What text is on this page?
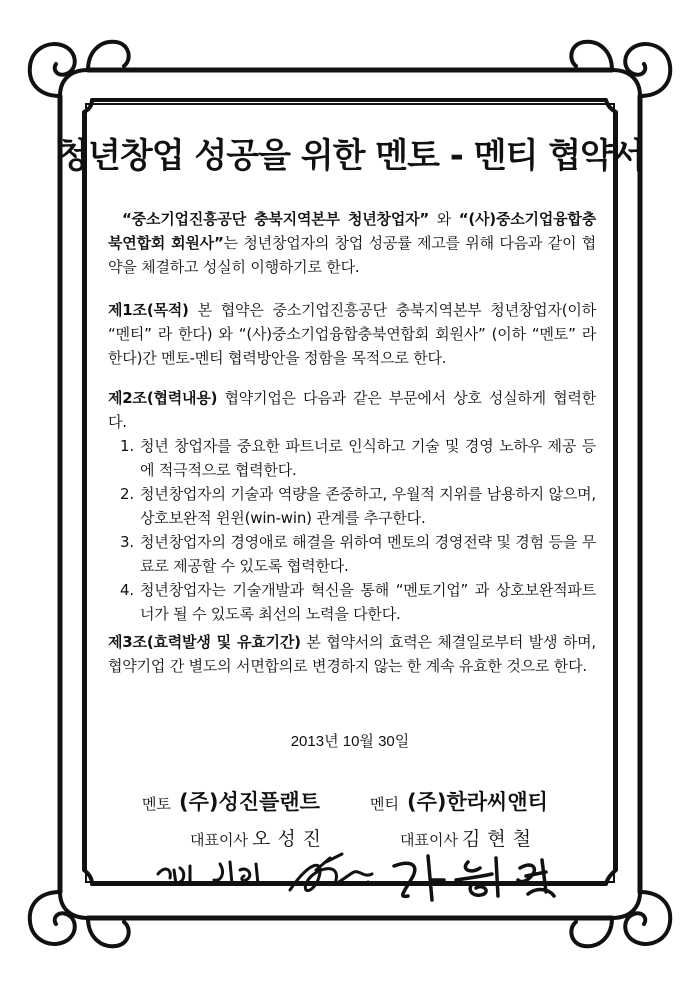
청년창업 성공을 위한 멘토 - 멘티 협약서

“중소기업진흥공단 충북지역본부 청년창업자” 와 “(사)중소기업융합충북연합회 회원사”는 청년창업자의 창업 성공률 제고를 위해 다음과 같이 협약을 체결하고 성실히 이행하기로 한다.

제1조(목적) 본 협약은 중소기업진흥공단 충북지역본부 청년창업자(이하 “멘티” 라 한다) 와 “(사)중소기업융합충북연합회 회원사” (이하 “멘토” 라 한다)간 멘토-멘티 협력방안을 정함을 목적으로 한다.

제2조(협력내용) 협약기업은 다음과 같은 부문에서 상호 성실하게 협력한다.

1. 청년 창업자를 중요한 파트너로 인식하고 기술 및 경영 노하우 제공 등에 적극적으로 협력한다.
2. 청년창업자의 기술과 역량을 존중하고, 우월적 지위를 남용하지 않으며, 상호보완적 윈윈(win-win) 관계를 추구한다.
3. 청년창업자의 경영애로 해결을 위하여 멘토의 경영전략 및 경험 등을 무료로 제공할 수 있도록 협력한다.
4. 청년창업자는 기술개발과 혁신을 통해 “멘토기업” 과 상호보완적파트너가 될 수 있도록 최선의 노력을 다한다.

제3조(효력발생 및 유효기간) 본 협약서의 효력은 체결일로부터 발생 하며, 협약기업 간 별도의 서면합의로 변경하지 않는 한 계속 유효한 것으로 한다.

2013년 10월 30일
멘토 (주)성진플랜트	멘티 (주)한라씨앤티
대표이사 오성진	대표이사 김현철
